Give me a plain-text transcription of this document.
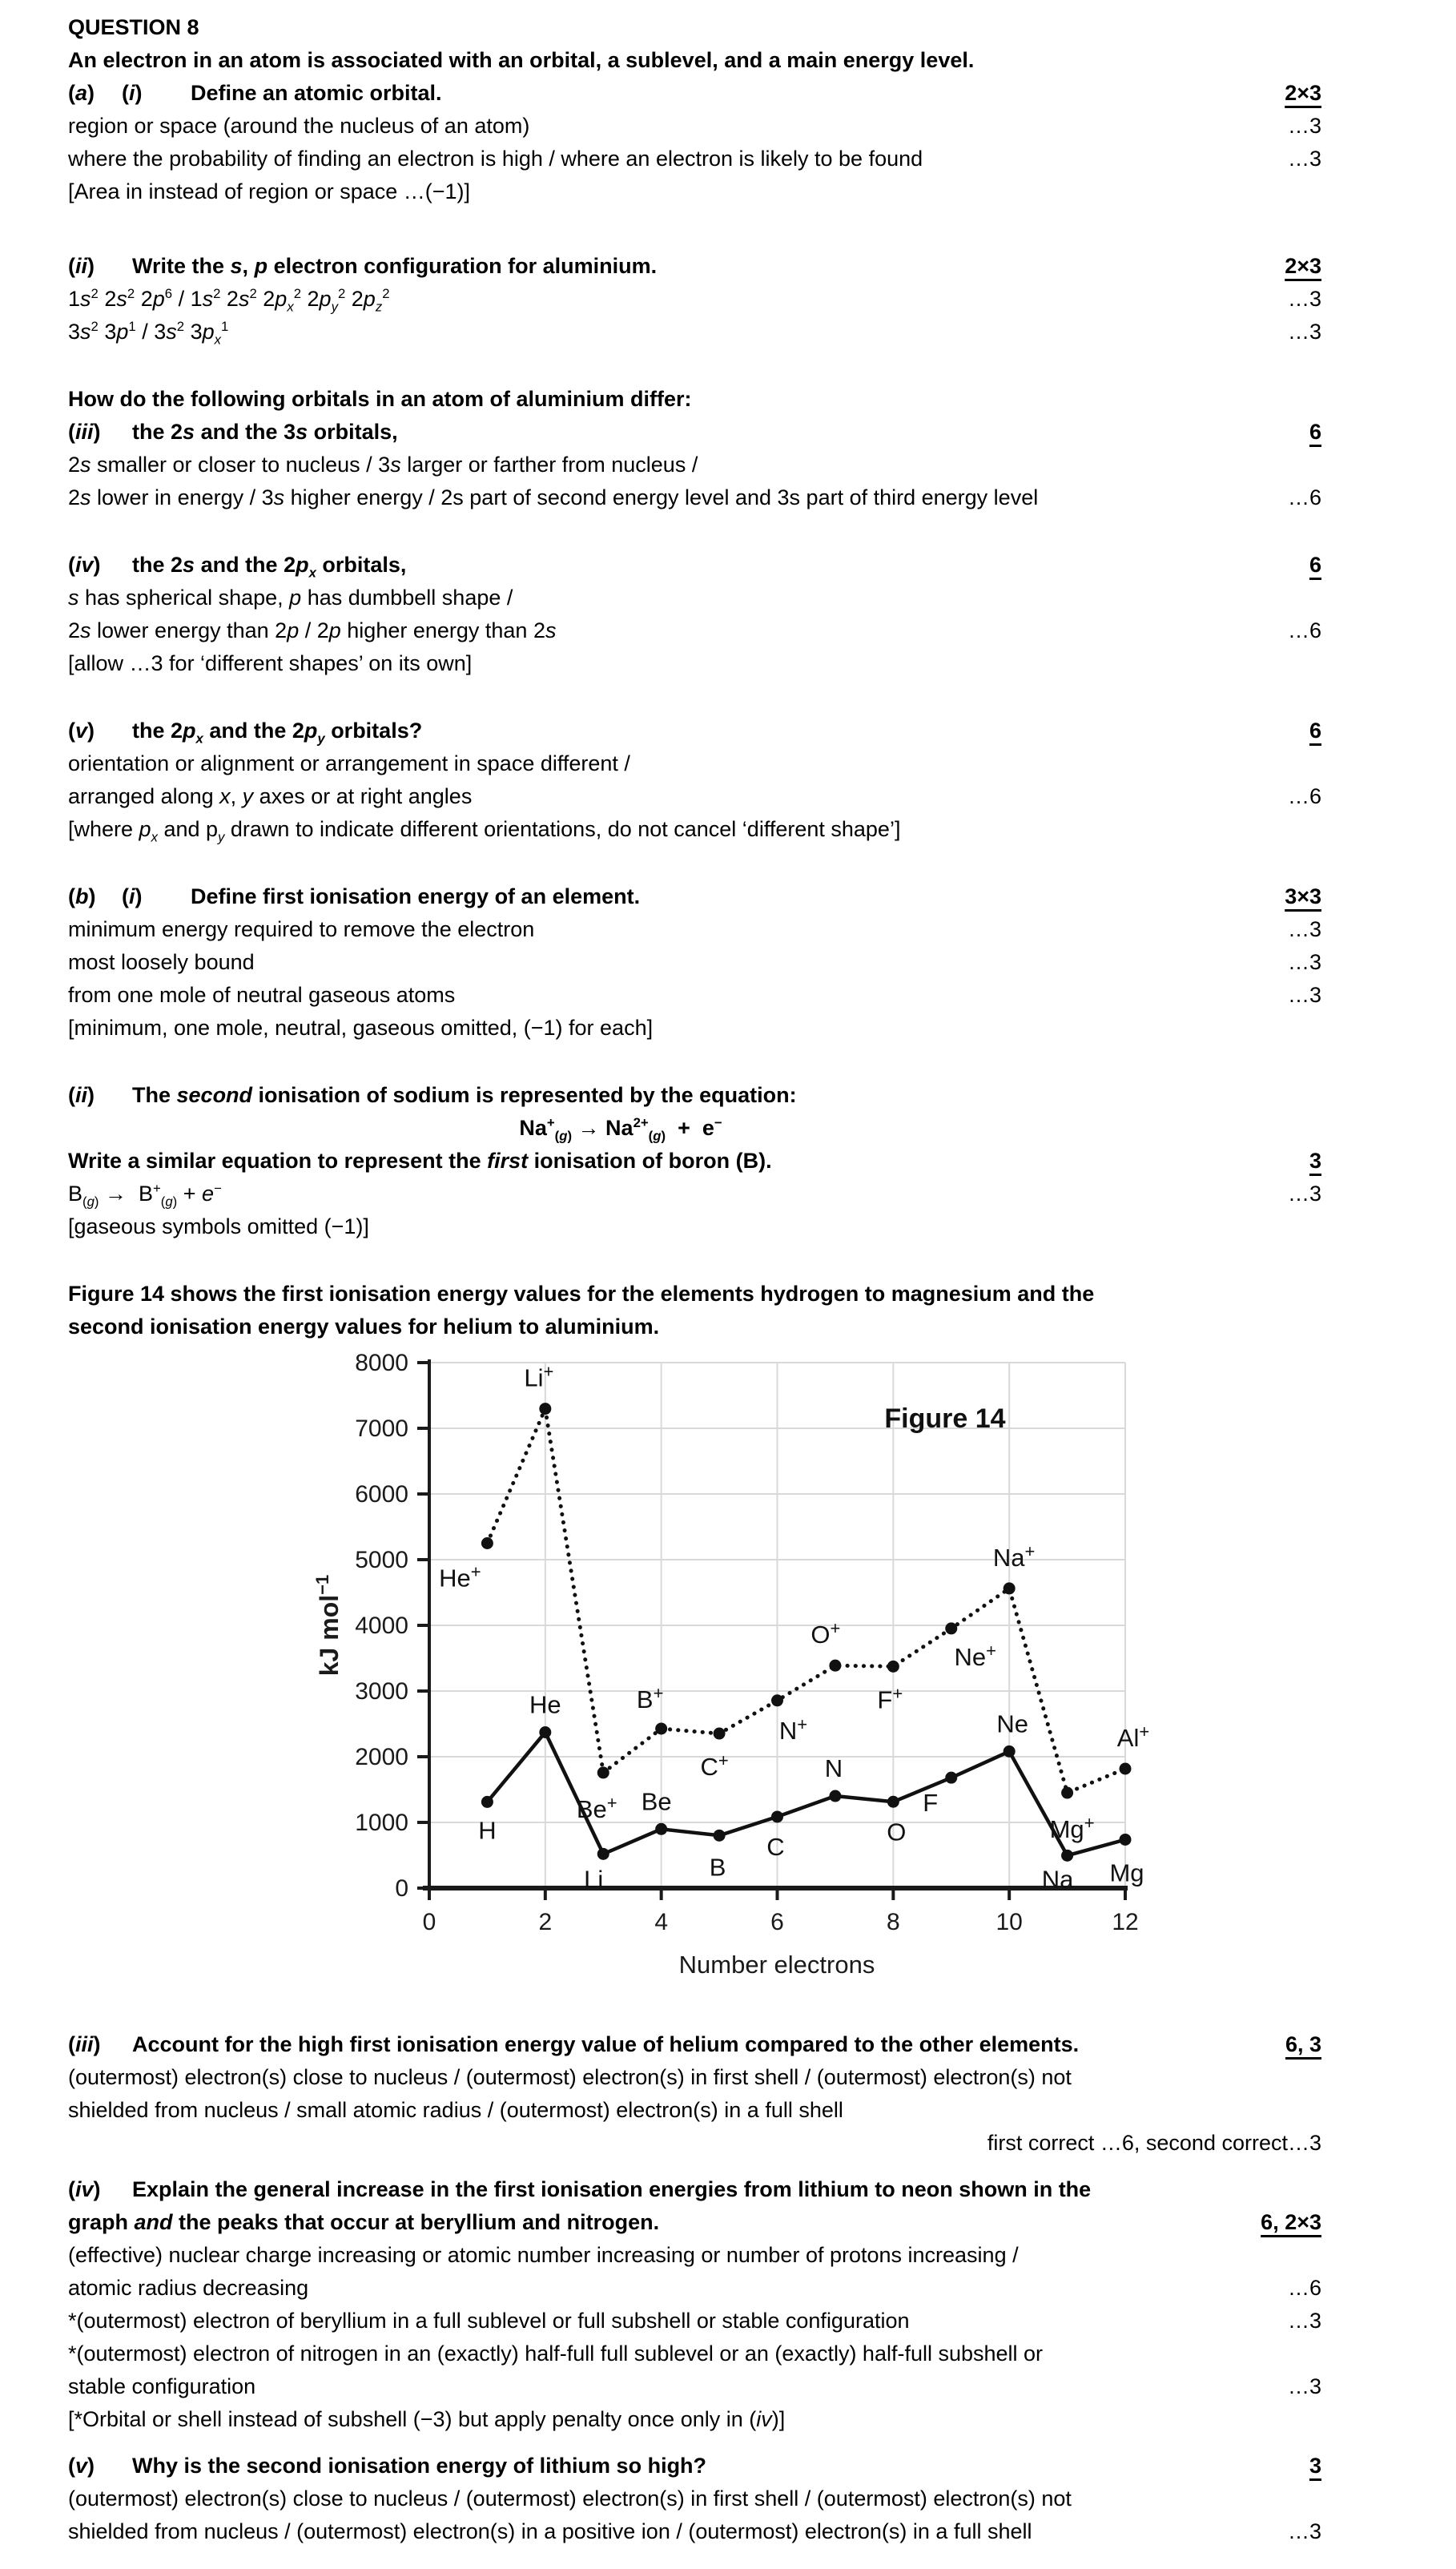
QUESTION 8
An electron in an atom is associated with an orbital, a sublevel, and a main energy level.
(a) (i) Define an atomic orbital.	2×3
region or space (around the nucleus of an atom)	…3
where the probability of finding an electron is high / where an electron is likely to be found	…3
[Area in instead of region or space …(−1)]
(ii) Write the s, p electron configuration for aluminium.	2×3
$1s^2$ $2s^2$ $2p^6 / 1s^2$ $2s^2$ $2p_x^2$ $2p_y^2$ $2p_z^2$	…3
$3s^2$ $3p^1 / 3s^2$ $3p_x^1$	…3
How do the following orbitals in an atom of aluminium differ:
(iii) the 2s and the 3s orbitals,	6
2s smaller or closer to nucleus / 3s larger or farther from nucleus /
2s lower in energy / 3s higher energy / 2s part of second energy level and 3s part of third energy level	…6
(iv) the 2s and the $2p_x$ orbitals,	6
s has spherical shape, p has dumbbell shape /
2s lower energy than 2p / 2p higher energy than 2s	…6
[allow …3 for ‘different shapes’ on its own]
(v) the $2p_x$ and the $2p_y$ orbitals?	6
orientation or alignment or arrangement in space different /
arranged along x, y axes or at right angles	…6
[where $p_x$ and $p_y$ drawn to indicate different orientations, do not cancel ‘different shape’]
(b) (i) Define first ionisation energy of an element.	3×3
minimum energy required to remove the electron	…3
most loosely bound	…3
from one mole of neutral gaseous atoms	…3
[minimum, one mole, neutral, gaseous omitted, (−1) for each]
(ii) The second ionisation of sodium is represented by the equation:
$Na^+_{(g)} \to Na^{2+}_{(g)} + e^-$
Write a similar equation to represent the first ionisation of boron (B).	3
$B_{(g)} \to B^+_{(g)} + e^-$	…3
[gaseous symbols omitted (−1)]
Figure 14 shows the first ionisation energy values for the elements hydrogen to magnesium and the
second ionisation energy values for helium to aluminium.
0
1000
2000
3000
4000
5000
6000
7000
8000
0	2	4	6	8	10	12
H
He
Li
Be
B
C
N
O
F
Ne
Na Mg
He+
Li+
Be+
B+
C+
N+
O+
F+
Ne+
Na+
Mg+
Al+
Figure 14
kJ mol$^{-1}$
Number electrons
(iii) Account for the high first ionisation energy value of helium compared to the other elements.	6, 3
(outermost) electron(s) close to nucleus / (outermost) electron(s) in first shell / (outermost) electron(s) not
shielded from nucleus / small atomic radius / (outermost) electron(s) in a full shell
first correct …6, second correct…3
(iv) Explain the general increase in the first ionisation energies from lithium to neon shown in the
graph and the peaks that occur at beryllium and nitrogen.	6, 2×3
(effective) nuclear charge increasing or atomic number increasing or number of protons increasing /
atomic radius decreasing	…6
*(outermost) electron of beryllium in a full sublevel or full subshell or stable configuration	…3
*(outermost) electron of nitrogen in an (exactly) half-full full sublevel or an (exactly) half-full subshell or
stable configuration	…3
[*Orbital or shell instead of subshell (−3) but apply penalty once only in (iv)]
(v) Why is the second ionisation energy of lithium so high?	3
(outermost) electron(s) close to nucleus / (outermost) electron(s) in first shell / (outermost) electron(s) not
shielded from nucleus / (outermost) electron(s) in a positive ion / (outermost) electron(s) in a full shell	…3
